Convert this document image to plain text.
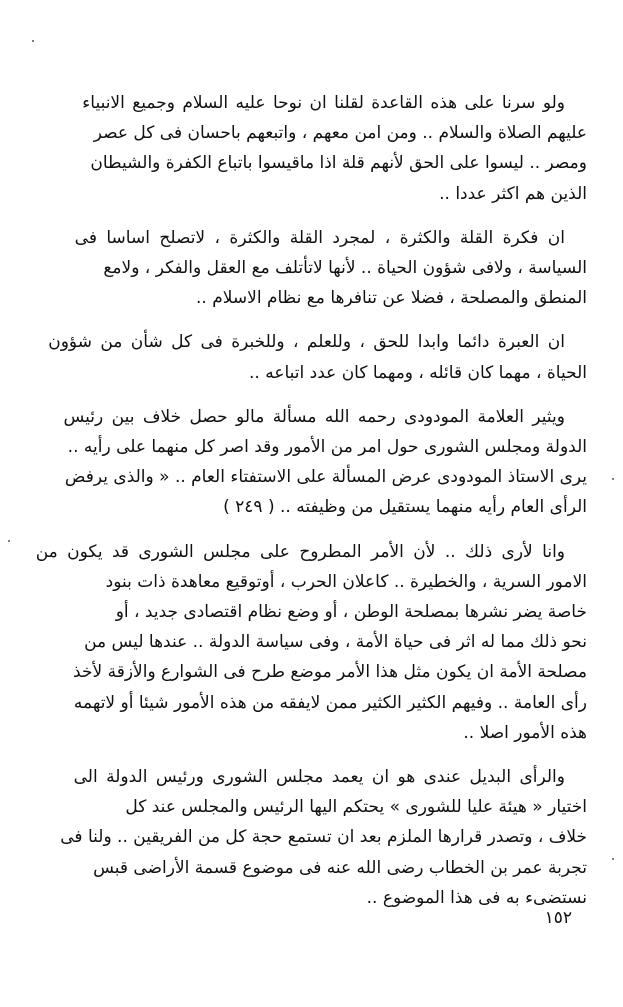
ولو سرنا على هذه القاعدة لقلنا ان نوحا عليه السلام وجميع الانبياء
عليهم الصلاة والسلام .. ومن امن معهم ، واتبعهم باحسان فى كل عصر
ومصر .. ليسوا على الحق لأنهم قلة اذا ماقيسوا باتباع الكفرة والشيطان
الذين هم اكثر عددا ..
ان فكرة القلة والكثرة ، لمجرد القلة والكثرة ، لاتصلح اساسا فى
السياسة ، ولافى شؤون الحياة .. لأنها لاتأتلف مع العقل والفكر ، ولامع
المنطق والمصلحة ، فضلا عن تنافرها مع نظام الاسلام ..
ان العبرة دائما وابدا للحق ، وللعلم ، وللخبرة فى كل شأن من شؤون
الحياة ، مهما كان قائله ، ومهما كان عدد اتباعه ..
ويثير العلامة المودودى رحمه الله مسألة مالو حصل خلاف بين رئيس
الدولة ومجلس الشورى حول امر من الأمور وقد اصر كل منهما على رأيه ..
يرى الاستاذ المودودى عرض المسألة على الاستفتاء العام .. « والذى يرفض
الرأى العام رأيه منهما يستقيل من وظيفته .. ( ٢٤٩ )
وانا لأرى ذلك .. لأن الأمر المطروح على مجلس الشورى قد يكون من
الامور السرية ، والخطيرة .. كاعلان الحرب ، أوتوقيع معاهدة ذات بنود
خاصة يضر نشرها بمصلحة الوطن ، أو وضع نظام اقتصادى جديد ، أو
نحو ذلك مما له اثر فى حياة الأمة ، وفى سياسة الدولة .. عندها ليس من
مصلحة الأمة ان يكون مثل هذا الأمر موضع طرح فى الشوارع والأزقة لأخذ
رأى العامة .. وفيهم الكثير الكثير ممن لايفقه من هذه الأمور شيئا أو لاتهمه
هذه الأمور اصلا ..
والرأى البديل عندى هو ان يعمد مجلس الشورى ورئيس الدولة الى
اختيار « هيئة عليا للشورى » يحتكم اليها الرئيس والمجلس عند كل
خلاف ، وتصدر قرارها الملزم بعد ان تستمع حجة كل من الفريقين .. ولنا فى
تجربة عمر بن الخطاب رضى الله عنه فى موضوع قسمة الأراضى قبس
نستضىء به فى هذا الموضوع ..
١٥٢
